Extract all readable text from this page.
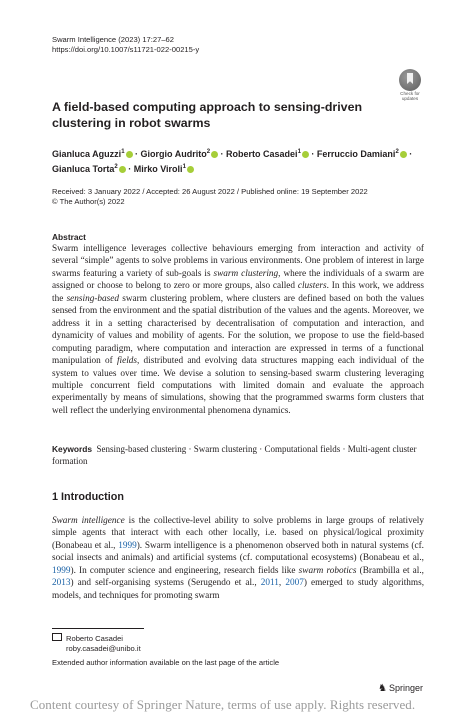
Swarm Intelligence (2023) 17:27–62
https://doi.org/10.1007/s11721-022-00215-y
Check for
updates
A field-based computing approach to sensing-driven
clustering in robot swarms
Gianluca Aguzzi$^1$ · Giorgio Audrito$^2$ · Roberto Casadei$^1$ · Ferruccio Damiani$^2$ ·
Gianluca Torta$^2$ · Mirko Viroli$^1$
Received: 3 January 2022 / Accepted: 26 August 2022 / Published online: 19 September 2022
© The Author(s) 2022
Abstract

Swarm intelligence leverages collective behaviours emerging from interaction and activity of several “simple” agents to solve problems in various environments. One problem of interest in large swarms featuring a variety of sub-goals is swarm clustering, where the individuals of a swarm are assigned or choose to belong to zero or more groups, also called clusters. In this work, we address the sensing-based swarm clustering problem, where clusters are defined based on both the values sensed from the environment and the spatial distribution of the values and the agents. Moreover, we address it in a setting characterised by decentralisation of computation and interaction, and dynamicity of values and mobility of agents. For the solution, we propose to use the field-based computing paradigm, where computation and interaction are expressed in terms of a functional manipulation of fields, distributed and evolving data structures mapping each individual of the system to values over time. We devise a solution to sensing-based swarm clustering leveraging multiple concurrent field computations with limited domain and evaluate the approach experimentally by means of simulations, showing that the programmed swarms form clusters that well reflect the underlying environmental phenomena dynamics.

Keywords Sensing-based clustering · Swarm clustering · Computational fields · Multi-agent cluster formation
1 Introduction

Swarm intelligence is the collective-level ability to solve problems in large groups of relatively simple agents that interact with each other locally, i.e. based on physical/logical proximity (Bonabeau et al., 1999). Swarm intelligence is a phenomenon observed both in natural systems (cf. social insects and animals) and artificial systems (cf. computational ecosystems) (Bonabeau et al., 1999). In computer science and engineering, research fields like swarm robotics (Brambilla et al., 2013) and self-organising systems (Serugendo et al., 2011, 2007) emerged to study algorithms, models, and techniques for promoting swarm

Roberto Casadei
roby.casadei@unibo.it
Extended author information available on the last page of the article
♞ Springer
Content courtesy of Springer Nature, terms of use apply. Rights reserved.
